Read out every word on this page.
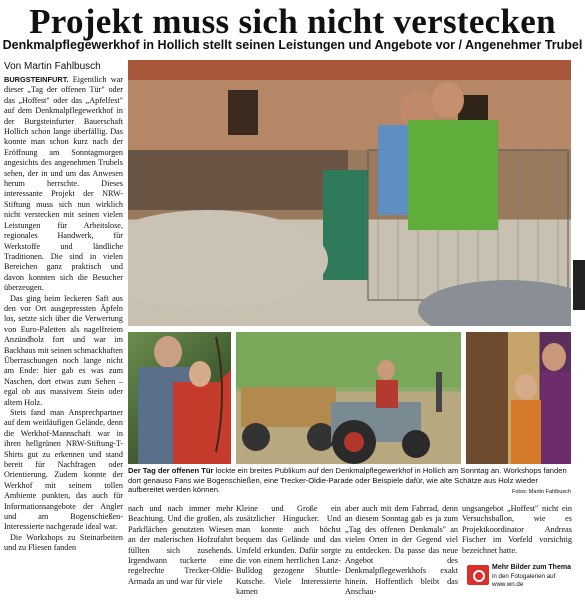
Projekt muss sich nicht verstecken
Denkmalpflegewerkhof in Hollich stellt seinen Leistungen und Angebote vor / Angenehmer Trubel
Von Martin Fahlbusch

BURGSTEINFURT. Eigentlich war dieser „Tag der offenen Tür" oder das „Hoffest" oder das „Apfelfest" auf dem Denkmalpflegewerkhof in der Burgsteinfurter Bauerschaft Hollich schon lange überfällig. Das konnte man schon kurz nach der Eröffnung am Sonntagmorgen angesichts des angenehmen Trubels sehen, der in und um das Anwesen herum herrschte. Dieses interessante Projekt der NRW-Stiftung muss sich nun wirklich nicht verstecken mit seinen vielen Leistungen für Arbeitslose, regionales Handwerk, für Werkstoffe und ländliche Traditionen. Die sind in vielen Bereichen ganz praktisch und davon konnten sich die Besucher überzeugen.

Das ging beim leckeren Saft aus den vor Ort ausgepressten Äpfeln los, setzte sich über die Verwertung von Euro-Paletten als nagelfreiem Anzündholz fort und war im Backhaus mit seinen schmackhaften Überraschungen noch lange nicht am Ende: hier gab es was zum Naschen, dort etwas zum Sehen – egal ob aus massivem Stein oder altem Holz.

Stets fand man Ansprechpartner auf dem weitläufigen Gelände, denn die Werkhof-Mannschaft war in ihren hellgrünen NRW-Stiftung-T-Shirts gut zu erkennen und stand bereit für Nachfragen oder Orientierung. Zudem konnte der Werkhof mit seinem tollen Ambiente punkten, das auch für Informationsangebote der Angler und am Bogenschießen-Interessierte nachgerade ideal war.

Die Workshops zu Steinarbeiten und zu Fliesen fanden

Der Tag der offenen Tür lockte ein breites Publikum auf den Denkmalpflegewerkhof in Hollich am Sonntag an. Workshops fanden dort genauso Fans wie Bogenschießen, eine Trecker-Oldie-Parade oder Beispiele dafür, wie alte Schätze aus Holz wieder aufbereitet werden können.	Fotos: Martin Fahlbusch

nach und nach immer mehr Beachtung. Und die großen, als Parkflächen genutzten Wiesen an der malerischen Hofzufahrt füllten sich zusehends. Irgendwann tuckerte eine regelrechte Trecker-Oldie-Armada an und war für viele

Kleine und Große ein zusätzlicher Hingucker. Und man konnte auch höchst bequem das Gelände und das Umfeld erkunden. Dafür sorgte die von einem herrlichen Lanz-Bulldog gezogene Shuttle-Kutsche. Viele Interessierte kamen

aber auch mit dem Fahrrad, denn an diesem Sonntag gab es ja zum „Tag des offenen Denkmals" an vielen Orten in der Gegend viel zu entdecken. Da passe das neue Angebot des Denkmalpflegewerkhofs exakt hinein. Hoffentlich bleibt das Anschau-

ungsangebot „Hoffest" nicht ein Versuchsballon, wie es Projektkoordinator Andreas Fischer im Vorfeld vorsichtig bezeichnet hatte.

Mehr Bilder zum Thema
in den Fotogalerien auf
www.wn.de
